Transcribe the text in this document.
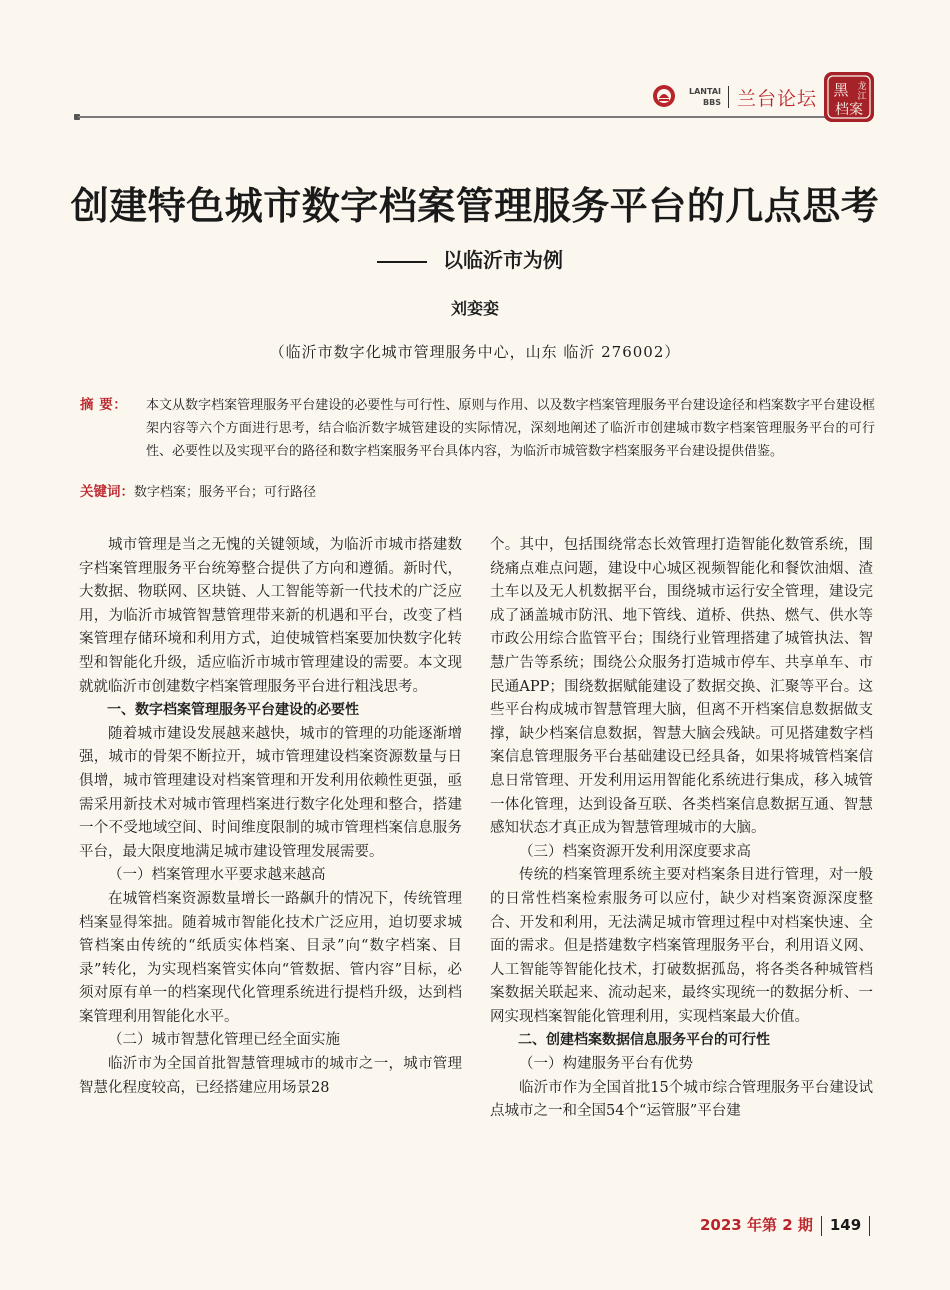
LANTAI
BBS 兰台论坛 黑 龙
江
档案
创建特色城市数字档案管理服务平台的几点思考
以临沂市为例
刘娈娈
（临沂市数字化城市管理服务中心，山东 临沂 276002）
摘 要： 本文从数字档案管理服务平台建设的必要性与可行性、原则与作用、以及数字档案管理服务平台建设途径和档案数字平台建设框架内容等六个方面进行思考，结合临沂数字城管建设的实际情况，深刻地阐述了临沂市创建城市数字档案管理服务平台的可行性、必要性以及实现平台的路径和数字档案服务平台具体内容，为临沂市城管数字档案服务平台建设提供借鉴。
关键词：数字档案；服务平台；可行路径

城市管理是当之无愧的关键领域，为临沂市城市搭建数字档案管理服务平台统筹整合提供了方向和遵循。新时代，大数据、物联网、区块链、人工智能等新一代技术的广泛应用，为临沂市城管智慧管理带来新的机遇和平台，改变了档案管理存储环境和利用方式，迫使城管档案要加快数字化转型和智能化升级，适应临沂市城市管理建设的需要。本文现就就临沂市创建数字档案管理服务平台进行粗浅思考。

一、数字档案管理服务平台建设的必要性

随着城市建设发展越来越快，城市的管理的功能逐渐增强，城市的骨架不断拉开，城市管理建设档案资源数量与日俱增，城市管理建设对档案管理和开发利用依赖性更强，亟需采用新技术对城市管理档案进行数字化处理和整合，搭建一个不受地域空间、时间维度限制的城市管理档案信息服务平台，最大限度地满足城市建设管理发展需要。

（一）档案管理水平要求越来越高

在城管档案资源数量增长一路飙升的情况下，传统管理档案显得笨拙。随着城市智能化技术广泛应用，迫切要求城管档案由传统的“纸质实体档案、目录”向“数字档案、目录”转化，为实现档案管实体向“管数据、管内容”目标，必须对原有单一的档案现代化管理系统进行提档升级，达到档案管理利用智能化水平。

（二）城市智慧化管理已经全面实施

临沂市为全国首批智慧管理城市的城市之一，城市管理智慧化程度较高，已经搭建应用场景28

个。其中，包括围绕常态长效管理打造智能化数管系统，围绕痛点难点问题，建设中心城区视频智能化和餐饮油烟、渣土车以及无人机数据平台，围绕城市运行安全管理，建设完成了涵盖城市防汛、地下管线、道桥、供热、燃气、供水等市政公用综合监管平台；围绕行业管理搭建了城管执法、智慧广告等系统；围绕公众服务打造城市停车、共享单车、市民通APP；围绕数据赋能建设了数据交换、汇聚等平台。这些平台构成城市智慧管理大脑，但离不开档案信息数据做支撑，缺少档案信息数据，智慧大脑会残缺。可见搭建数字档案信息管理服务平台基础建设已经具备，如果将城管档案信息日常管理、开发利用运用智能化系统进行集成，移入城管一体化管理，达到设备互联、各类档案信息数据互通、智慧感知状态才真正成为智慧管理城市的大脑。

（三）档案资源开发利用深度要求高

传统的档案管理系统主要对档案条目进行管理，对一般的日常性档案检索服务可以应付，缺少对档案资源深度整合、开发和利用，无法满足城市管理过程中对档案快速、全面的需求。但是搭建数字档案管理服务平台，利用语义网、人工智能等智能化技术，打破数据孤岛，将各类各种城管档案数据关联起来、流动起来，最终实现统一的数据分析、一网实现档案智能化管理利用，实现档案最大价值。

二、创建档案数据信息服务平台的可行性

（一）构建服务平台有优势

临沂市作为全国首批15个城市综合管理服务平台建设试点城市之一和全国54个“运管服”平台建

2023 年第 2 期 149
